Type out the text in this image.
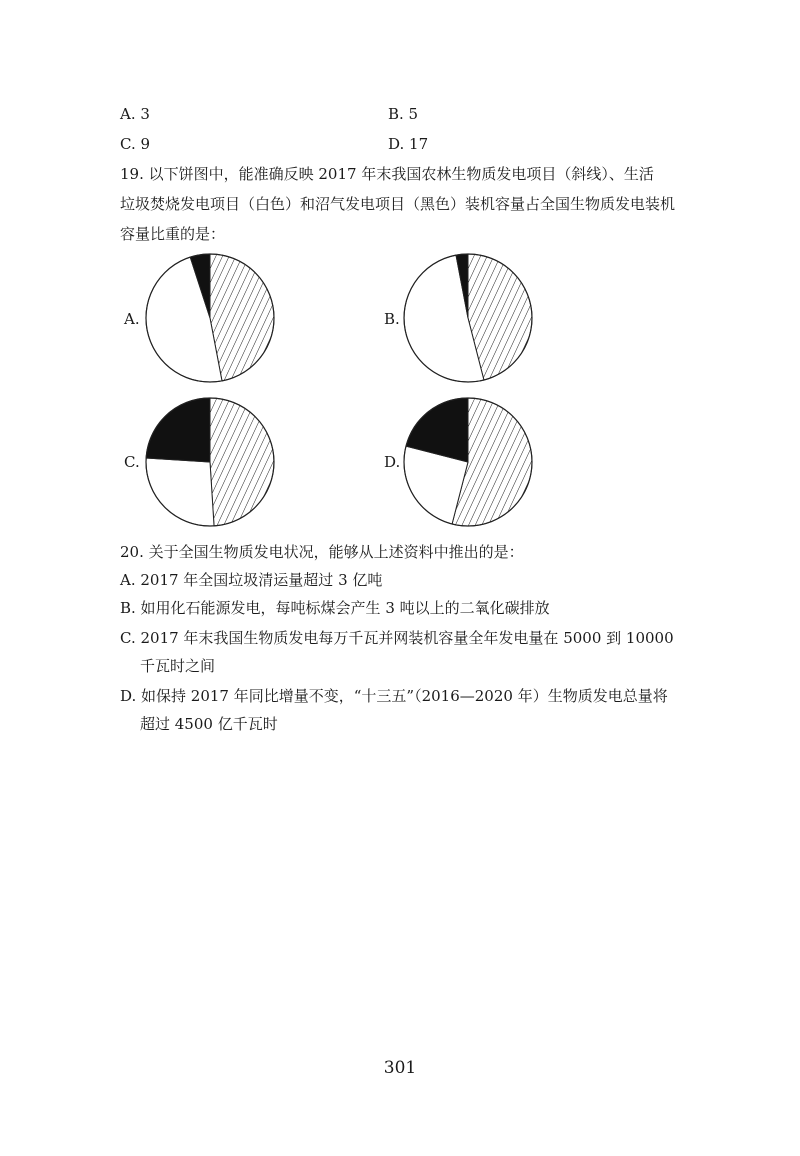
A. 3	B. 5
C. 9	D. 17
19. 以下饼图中，能准确反映 2017 年末我国农林生物质发电项目（斜线）、生活
垃圾焚烧发电项目（白色）和沼气发电项目（黑色）装机容量占全国生物质发电装机
容量比重的是：
A.	B.
C.	D.
20. 关于全国生物质发电状况，能够从上述资料中推出的是：
A. 2017 年全国垃圾清运量超过 3 亿吨
B. 如用化石能源发电，每吨标煤会产生 3 吨以上的二氧化碳排放
C. 2017 年末我国生物质发电每万千瓦并网装机容量全年发电量在 5000 到 10000
千瓦时之间
D. 如保持 2017 年同比增量不变，“十三五”（2016—2020 年）生物质发电总量将
超过 4500 亿千瓦时
301
